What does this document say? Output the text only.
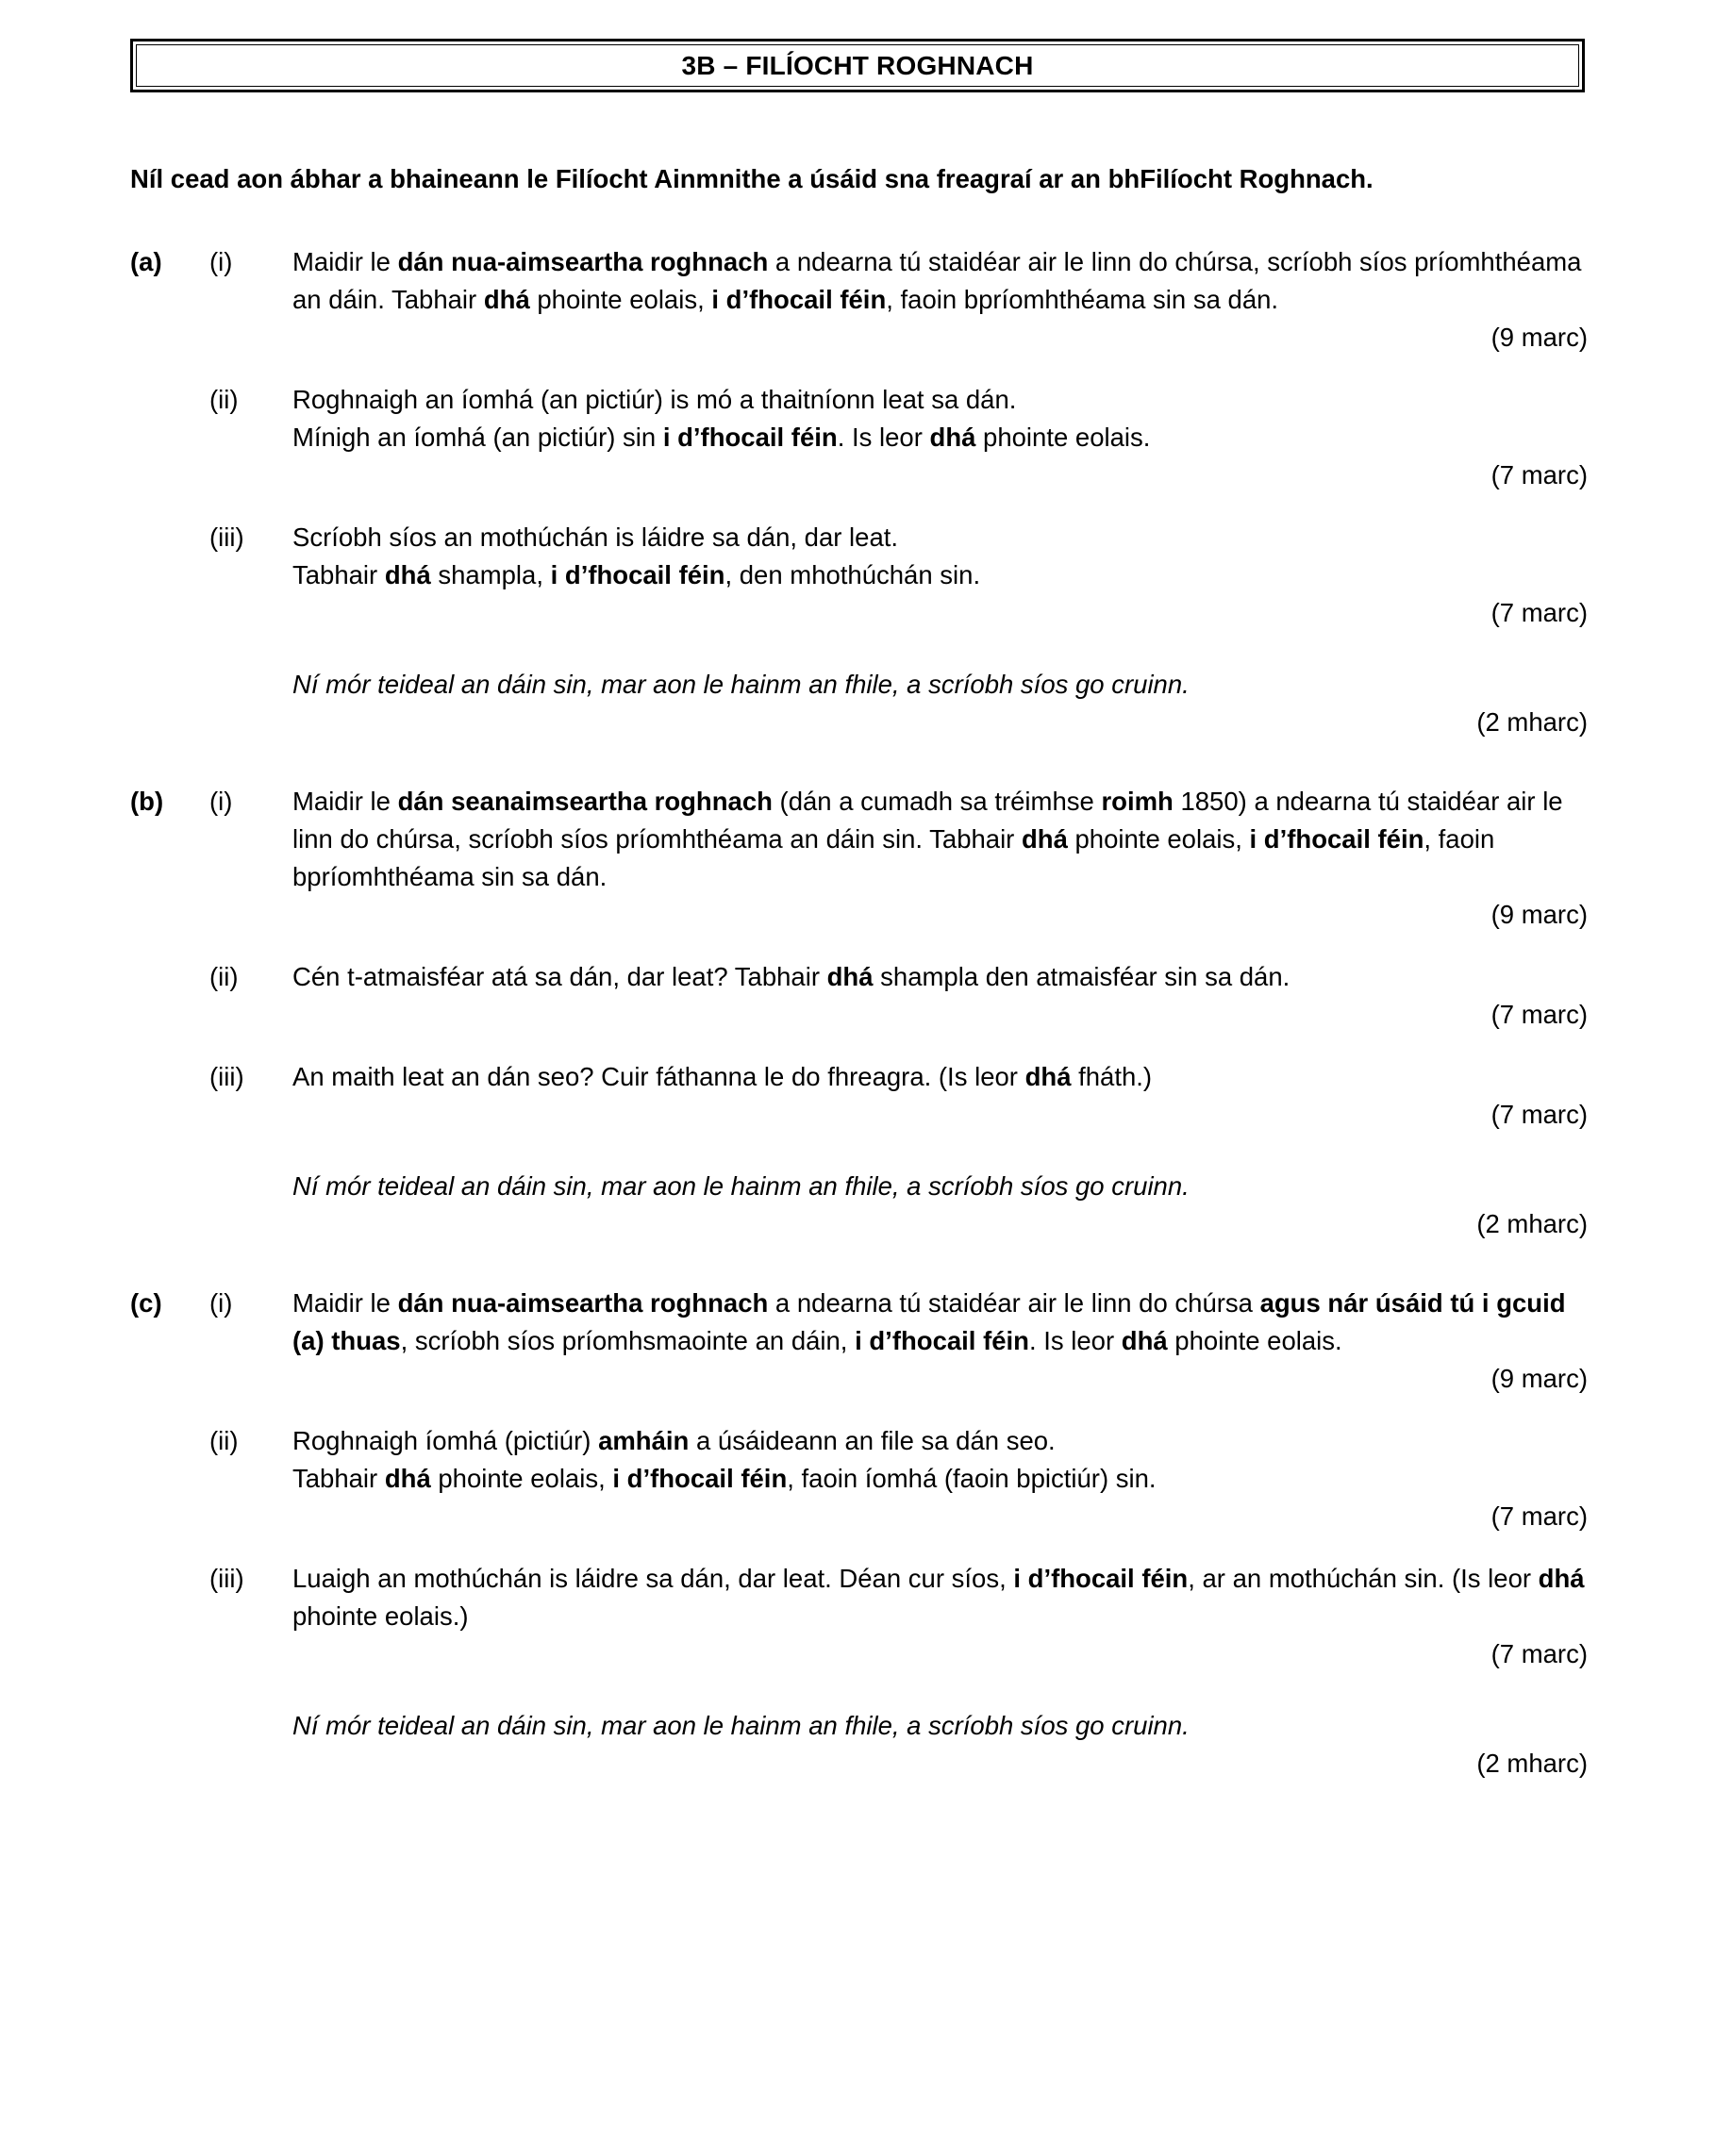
3B – FILÍOCHT ROGHNACH
Níl cead aon ábhar a bhaineann le Filíocht Ainmnithe a úsáid sna freagraí ar an bhFilíocht Roghnach.
(a)	(i)	Maidir le dán nua-aimseartha roghnach a ndearna tú staidéar air le linn do chúrsa, scríobh síos príomhthéama an dáin. Tabhair dhá phointe eolais, i d’fhocail féin, faoin bpríomhthéama sin sa dán.
(9 marc)
(ii)	Roghnaigh an íomhá (an pictiúr) is mó a thaitníonn leat sa dán.
Mínigh an íomhá (an pictiúr) sin i d’fhocail féin. Is leor dhá phointe eolais.
(7 marc)
(iii)	Scríobh síos an mothúchán is láidre sa dán, dar leat.
Tabhair dhá shampla, i d’fhocail féin, den mhothúchán sin.
(7 marc)
Ní mór teideal an dáin sin, mar aon le hainm an fhile, a scríobh síos go cruinn.
(2 mharc)
(b)	(i)	Maidir le dán seanaimseartha roghnach (dán a cumadh sa tréimhse roimh 1850) a ndearna tú staidéar air le linn do chúrsa, scríobh síos príomhthéama an dáin sin. Tabhair dhá phointe eolais, i d’fhocail féin, faoin bpríomhthéama sin sa dán.
(9 marc)
(ii)	Cén t-atmaisféar atá sa dán, dar leat? Tabhair dhá shampla den atmaisféar sin sa dán.
(7 marc)
(iii)	An maith leat an dán seo? Cuir fáthanna le do fhreagra. (Is leor dhá fháth.)
(7 marc)
Ní mór teideal an dáin sin, mar aon le hainm an fhile, a scríobh síos go cruinn.
(2 mharc)
(c)	(i)	Maidir le dán nua-aimseartha roghnach a ndearna tú staidéar air le linn do chúrsa agus nár úsáid tú i gcuid (a) thuas, scríobh síos príomhsmaointe an dáin, i d’fhocail féin. Is leor dhá phointe eolais.
(9 marc)
(ii)	Roghnaigh íomhá (pictiúr) amháin a úsáideann an file sa dán seo.
Tabhair dhá phointe eolais, i d’fhocail féin, faoin íomhá (faoin bpictiúr) sin.
(7 marc)
(iii)	Luaigh an mothúchán is láidre sa dán, dar leat. Déan cur síos, i d’fhocail féin, ar an mothúchán sin. (Is leor dhá phointe eolais.)
(7 marc)
Ní mór teideal an dáin sin, mar aon le hainm an fhile, a scríobh síos go cruinn.
(2 mharc)
